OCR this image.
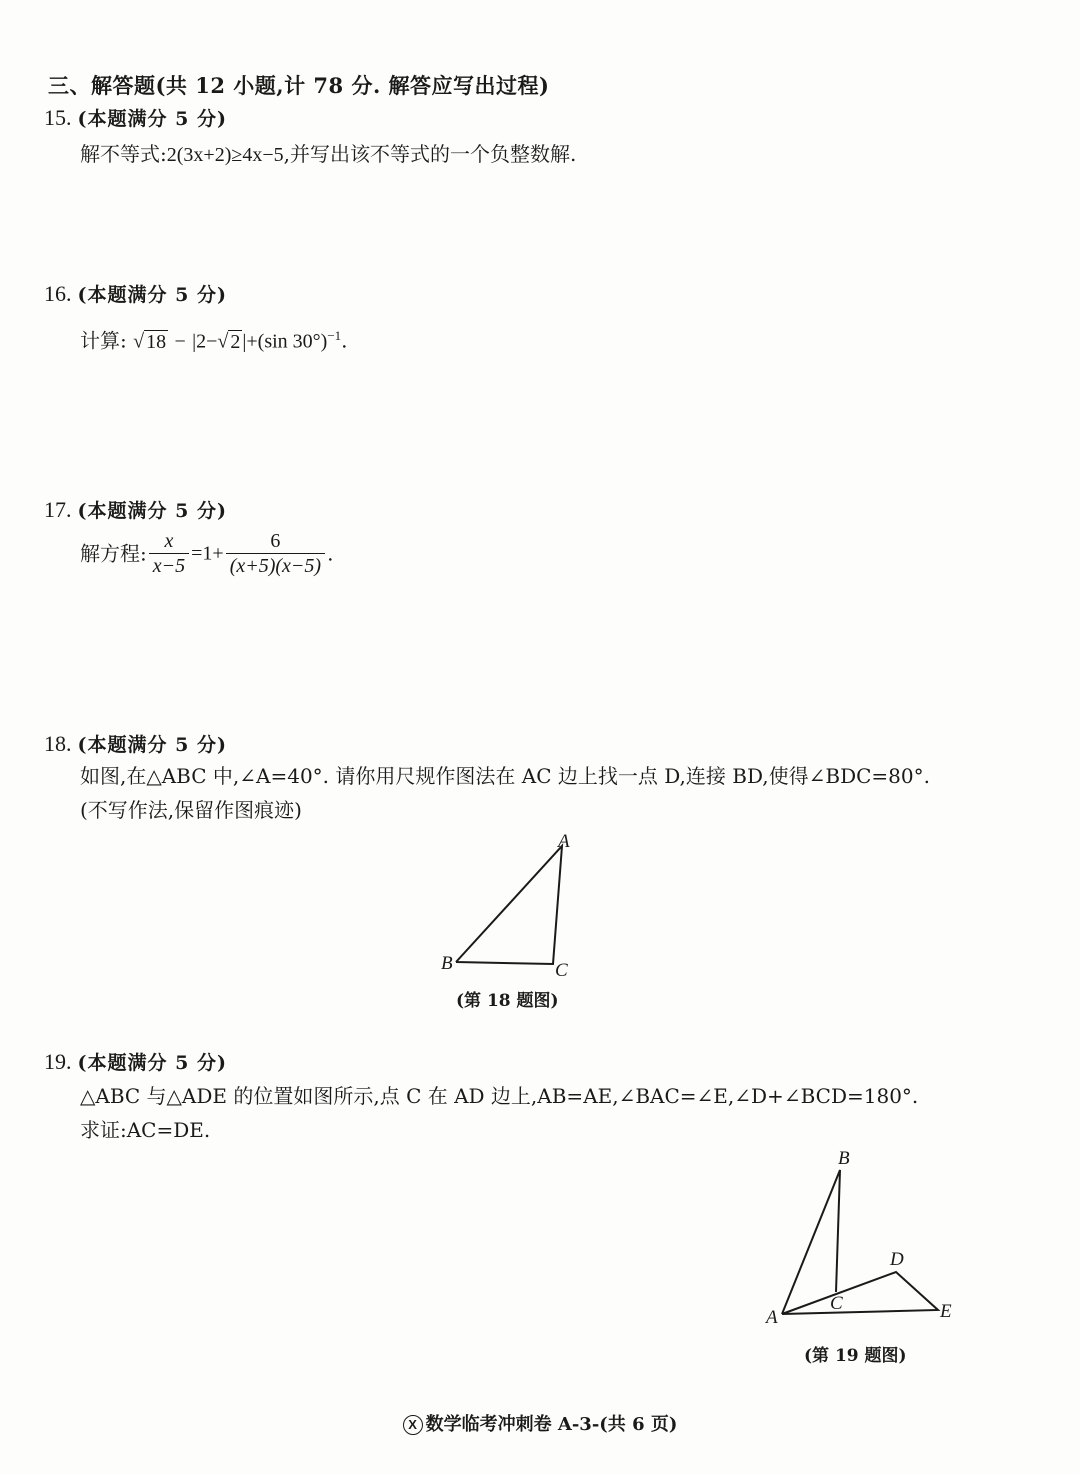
三、解答题(共 12 小题,计 78 分. 解答应写出过程)
15. (本题满分 5 分)
解不等式:2(3x+2)≥4x−5,并写出该不等式的一个负整数解.
16. (本题满分 5 分)
计算: √ 18 − |2−√ 2 |+(sin 30°)$^{-1}$.
17. (本题满分 5 分)
解方程: $\frac{x}{x-5} =1+ \frac{6}{(x+5)(x-5)}$ .
18. (本题满分 5 分)
如图,在△ABC 中,∠A=40°. 请你用尺规作图法在 AC 边上找一点 D,连接 BD,使得∠BDC=80°.
(不写作法,保留作图痕迹)
A
B	C
(第 18 题图)
19. (本题满分 5 分)
△ABC 与△ADE 的位置如图所示,点 C 在 AD 边上,AB=AE,∠BAC=∠E,∠D+∠BCD=180°.
求证:AC=DE.
B
D
C
A	E
(第 19 题图)
X 数学临考冲刺卷 A-3-(共 6 页)
